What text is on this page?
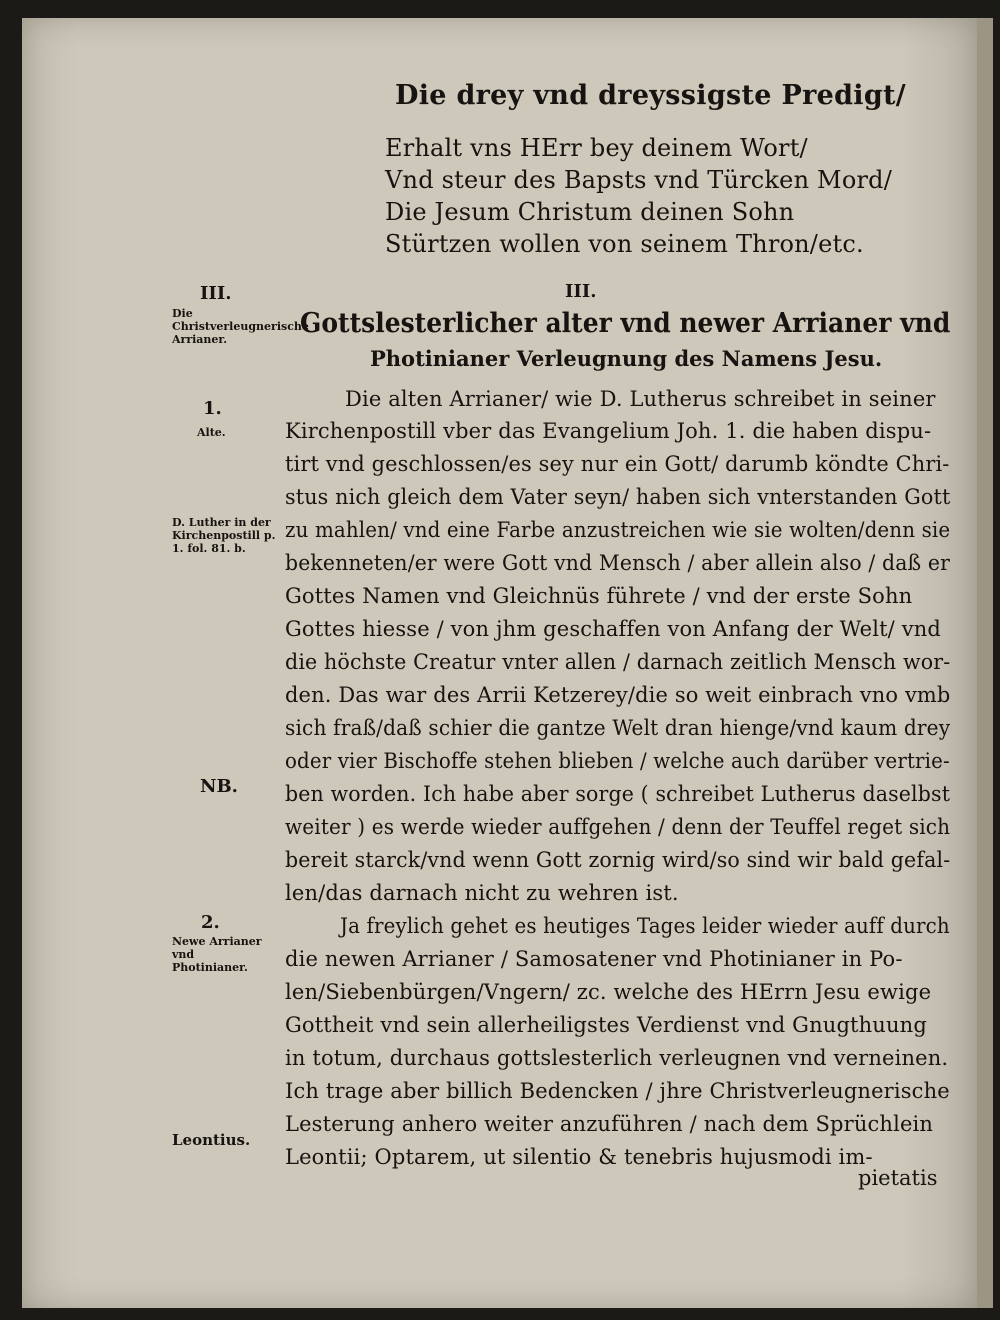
Die drey vnd dreyssigste Predigt/

Erhalt vns HErr bey deinem Wort/

Vnd steur des Bapsts vnd Türcken Mord/

Die Jesum Christum deinen Sohn

Stürtzen wollen von seinem Thron/etc.

III.

Gottslesterlicher alter vnd newer Arrianer vnd

Photinianer Verleugnung des Namens Jesu.

III.

Die Christverleugnerische Arrianer.

1.

Alte.

D. Luther in der Kirchenpostill p. 1. fol. 81. b.

NB.

2.

Newe Arrianer vnd Photinianer.

Leontius.

Die alten Arrianer/ wie D. Lutherus schreibet in seiner

Kirchenpostill vber das Evangelium Joh. 1. die haben dispu-

tirt vnd geschlossen/es sey nur ein Gott/ darumb köndte Chri-

stus nich gleich dem Vater seyn/ haben sich vnterstanden Gott

zu mahlen/ vnd eine Farbe anzustreichen wie sie wolten/denn sie

bekenneten/er were Gott vnd Mensch / aber allein also / daß er

Gottes Namen vnd Gleichnüs führete / vnd der erste Sohn

Gottes hiesse / von jhm geschaffen von Anfang der Welt/ vnd

die höchste Creatur vnter allen / darnach zeitlich Mensch wor-

den. Das war des Arrii Ketzerey/die so weit einbrach vno vmb

sich fraß/daß schier die gantze Welt dran hienge/vnd kaum drey

oder vier Bischoffe stehen blieben / welche auch darüber vertrie-

ben worden. Ich habe aber sorge ( schreibet Lutherus daselbst

weiter ) es werde wieder auffgehen / denn der Teuffel reget sich

bereit starck/vnd wenn Gott zornig wird/so sind wir bald gefal-

len/das darnach nicht zu wehren ist.

Ja freylich gehet es heutiges Tages leider wieder auff durch

die newen Arrianer / Samosatener vnd Photinianer in Po-

len/Siebenbürgen/Vngern/ zc. welche des HErrn Jesu ewige

Gottheit vnd sein allerheiligstes Verdienst vnd Gnugthuung

in totum, durchaus gottslesterlich verleugnen vnd verneinen.

Ich trage aber billich Bedencken / jhre Christverleugnerische

Lesterung anhero weiter anzuführen / nach dem Sprüchlein

Leontii; Optarem, ut silentio & tenebris hujusmodi im-

pietatis
